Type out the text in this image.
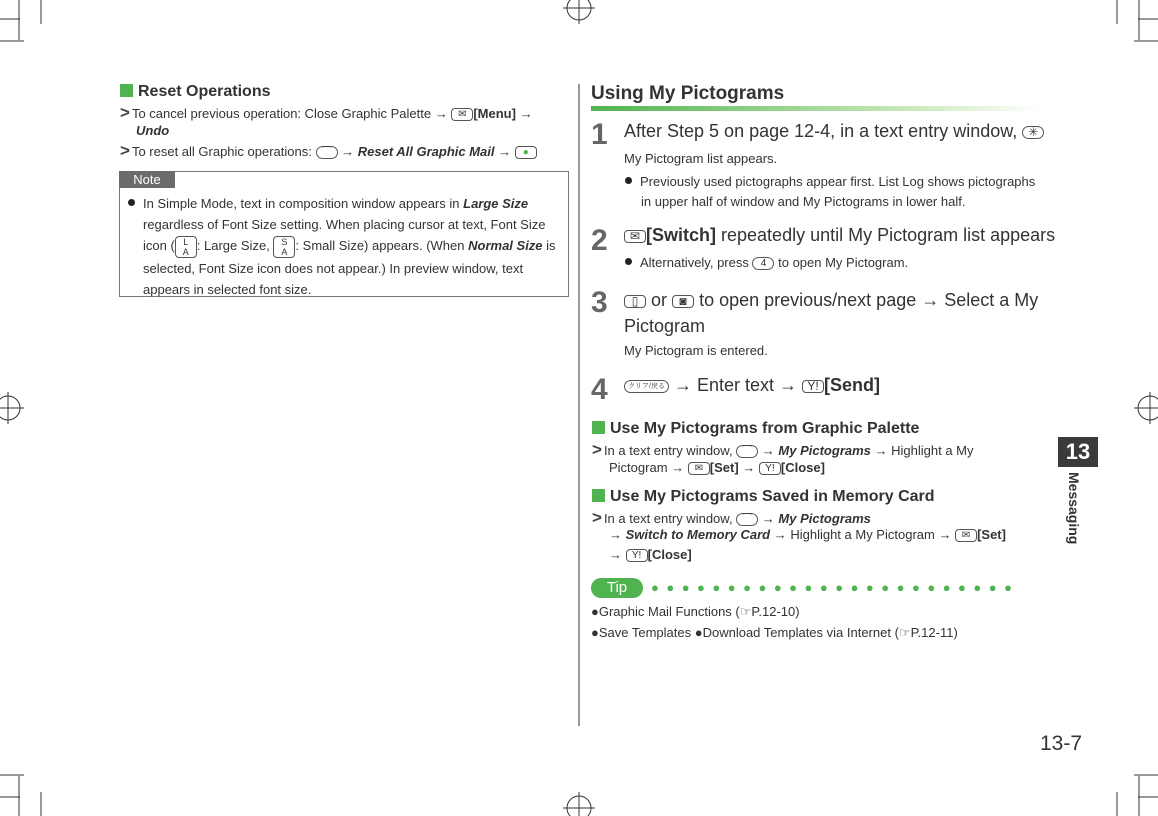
Reset Operations
> To cancel previous operation: Close Graphic Palette → ✉ [Menu] →
Undo
> To reset all Graphic operations: ⌒ → Reset All Graphic Mail → ●
Note
In Simple Mode, text in composition window appears in Large Size
regardless of Font Size setting. When placing cursor at text, Font Size
icon ( L
A : Large Size, S
A : Small Size) appears. (When Normal Size is
selected, Font Size icon does not appear.) In preview window, text
appears in selected font size.
Using My Pictograms
1 After Step 5 on page 12-4, in a text entry window, ✳
My Pictogram list appears.
Previously used pictographs appear first. List Log shows pictographs
in upper half of window and My Pictograms in lower half.
2	✉ [Switch] repeatedly until My Pictogram list appears
Alternatively, press 4 to open My Pictogram.
3	▯ or ◙ to open previous/next page → Select a My
Pictogram
My Pictogram is entered.
4	クリア/戻る → Enter text → Y! [Send]
Use My Pictograms from Graphic Palette
> In a text entry window, ⌒ → My Pictograms → Highlight a My
Pictogram → ✉ [Set] → Y! [Close]
Use My Pictograms Saved in Memory Card
> In a text entry window, ⌒ → My Pictograms
→ Switch to Memory Card → Highlight a My Pictogram → ✉ [Set]
→ Y! [Close]
Tip	●●●●●●●●●●●●●●●●●●●●●●●●
●Graphic Mail Functions (☞P.12-10)
●Save Templates ●Download Templates via Internet (☞P.12-11)
13
Messaging
13-7
